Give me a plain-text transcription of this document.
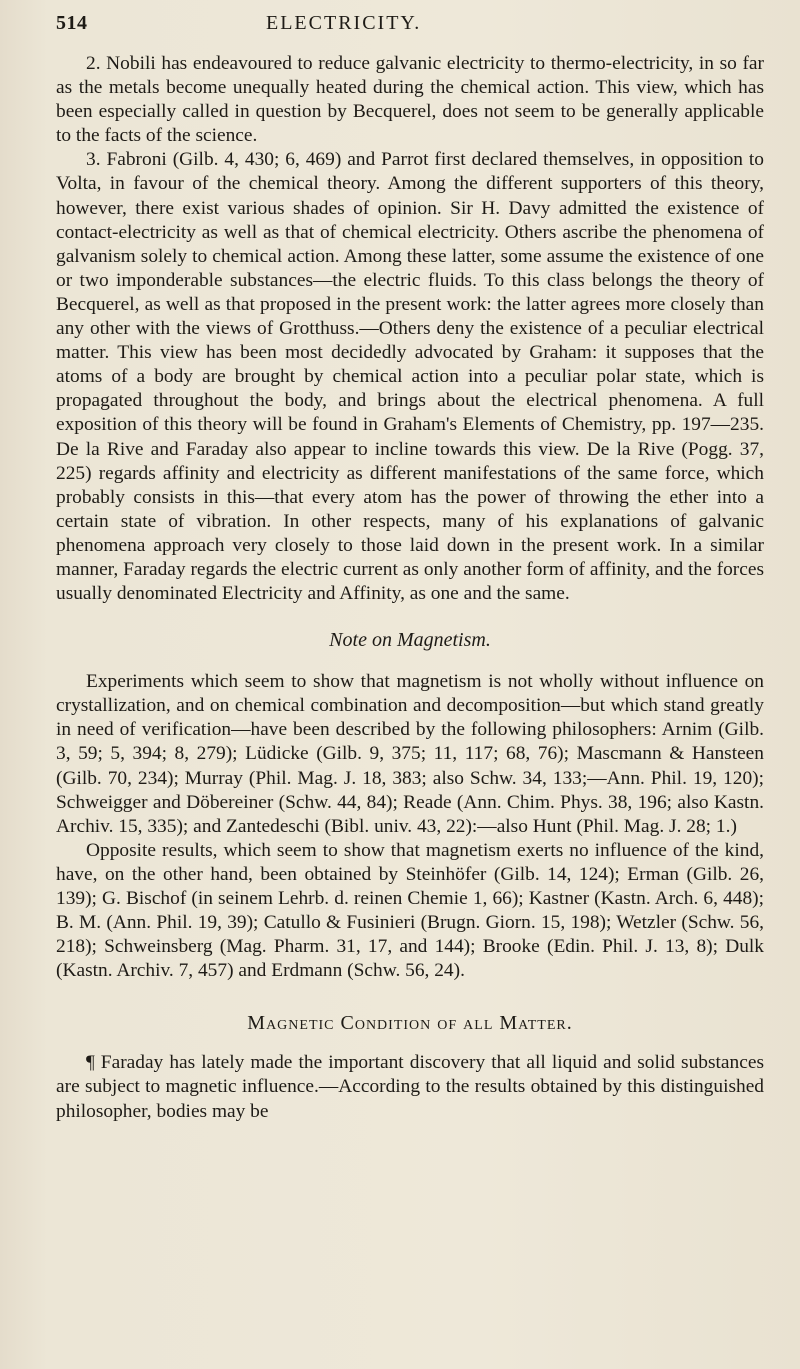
514	ELECTRICITY.

2. Nobili has endeavoured to reduce galvanic electricity to thermo-electricity, in so far as the metals become unequally heated during the chemical action. This view, which has been especially called in question by Becquerel, does not seem to be generally applicable to the facts of the science.

3. Fabroni (Gilb. 4, 430; 6, 469) and Parrot first declared themselves, in opposition to Volta, in favour of the chemical theory. Among the different supporters of this theory, however, there exist various shades of opinion. Sir H. Davy admitted the existence of contact-electricity as well as that of chemical electricity. Others ascribe the phenomena of galvanism solely to chemical action. Among these latter, some assume the existence of one or two imponderable substances—the electric fluids. To this class belongs the theory of Becquerel, as well as that proposed in the present work: the latter agrees more closely than any other with the views of Grotthuss.—Others deny the existence of a peculiar electrical matter. This view has been most decidedly advocated by Graham: it supposes that the atoms of a body are brought by chemical action into a peculiar polar state, which is propagated throughout the body, and brings about the electrical phenomena. A full exposition of this theory will be found in Graham's Elements of Chemistry, pp. 197—235. De la Rive and Faraday also appear to incline towards this view. De la Rive (Pogg. 37, 225) regards affinity and electricity as different manifestations of the same force, which probably consists in this—that every atom has the power of throwing the ether into a certain state of vibration. In other respects, many of his explanations of galvanic phenomena approach very closely to those laid down in the present work. In a similar manner, Faraday regards the electric current as only another form of affinity, and the forces usually denominated Electricity and Affinity, as one and the same.

Note on Magnetism.

Experiments which seem to show that magnetism is not wholly without influence on crystallization, and on chemical combination and decomposition—but which stand greatly in need of verification—have been described by the following philosophers: Arnim (Gilb. 3, 59; 5, 394; 8, 279); Lüdicke (Gilb. 9, 375; 11, 117; 68, 76); Mascmann & Hansteen (Gilb. 70, 234); Murray (Phil. Mag. J. 18, 383; also Schw. 34, 133;—Ann. Phil. 19, 120); Schweigger and Döbereiner (Schw. 44, 84); Reade (Ann. Chim. Phys. 38, 196; also Kastn. Archiv. 15, 335); and Zantedeschi (Bibl. univ. 43, 22):—also Hunt (Phil. Mag. J. 28; 1.)

Opposite results, which seem to show that magnetism exerts no influence of the kind, have, on the other hand, been obtained by Steinhöfer (Gilb. 14, 124); Erman (Gilb. 26, 139); G. Bischof (in seinem Lehrb. d. reinen Chemie 1, 66); Kastner (Kastn. Arch. 6, 448); B. M. (Ann. Phil. 19, 39); Catullo & Fusinieri (Brugn. Giorn. 15, 198); Wetzler (Schw. 56, 218); Schweinsberg (Mag. Pharm. 31, 17, and 144); Brooke (Edin. Phil. J. 13, 8); Dulk (Kastn. Archiv. 7, 457) and Erdmann (Schw. 56, 24).

Magnetic Condition of all Matter.

¶ Faraday has lately made the important discovery that all liquid and solid substances are subject to magnetic influence.—According to the results obtained by this distinguished philosopher, bodies may be
